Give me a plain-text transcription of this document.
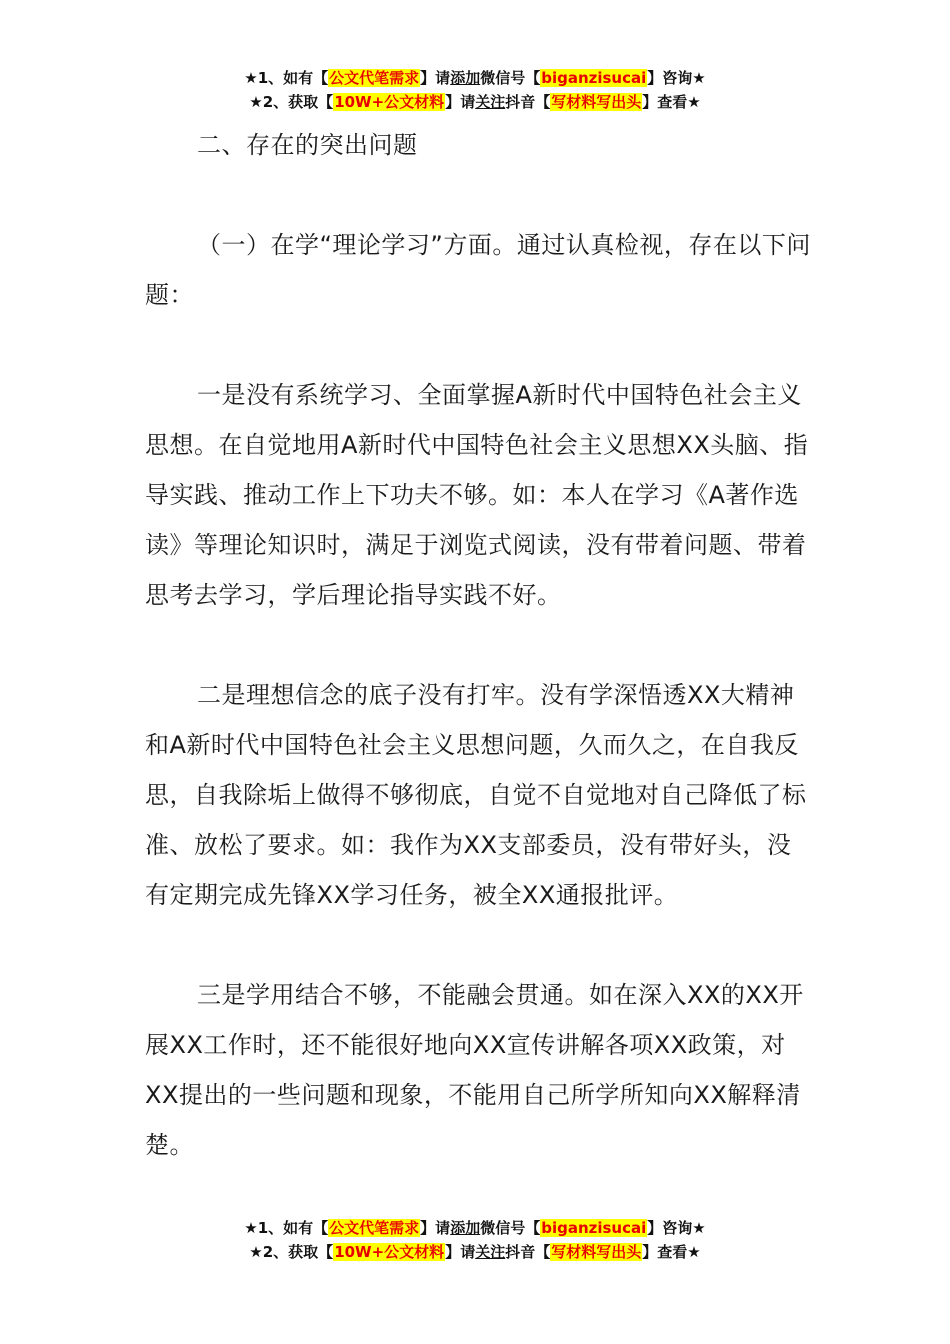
★1、如有【公文代笔需求】请添加微信号【biganzisucai】咨询★
★2、获取【10W+公文材料】请关注抖音【写材料写出头】查看★

二、存在的突出问题

（一）在学“理论学习”方面。通过认真检视，存在以下问题：

一是没有系统学习、全面掌握A新时代中国特色社会主义思想。在自觉地用A新时代中国特色社会主义思想XX头脑、指导实践、推动工作上下功夫不够。如：本人在学习《A著作选读》等理论知识时，满足于浏览式阅读，没有带着问题、带着思考去学习，学后理论指导实践不好。

二是理想信念的底子没有打牢。没有学深悟透XX大精神和A新时代中国特色社会主义思想问题，久而久之，在自我反思，自我除垢上做得不够彻底，自觉不自觉地对自己降低了标准、放松了要求。如：我作为XX支部委员，没有带好头，没有定期完成先锋XX学习任务，被全XX通报批评。

三是学用结合不够，不能融会贯通。如在深入XX的XX开展XX工作时，还不能很好地向XX宣传讲解各项XX政策，对XX提出的一些问题和现象，不能用自己所学所知向XX解释清楚。

★1、如有【公文代笔需求】请添加微信号【biganzisucai】咨询★
★2、获取【10W+公文材料】请关注抖音【写材料写出头】查看★
